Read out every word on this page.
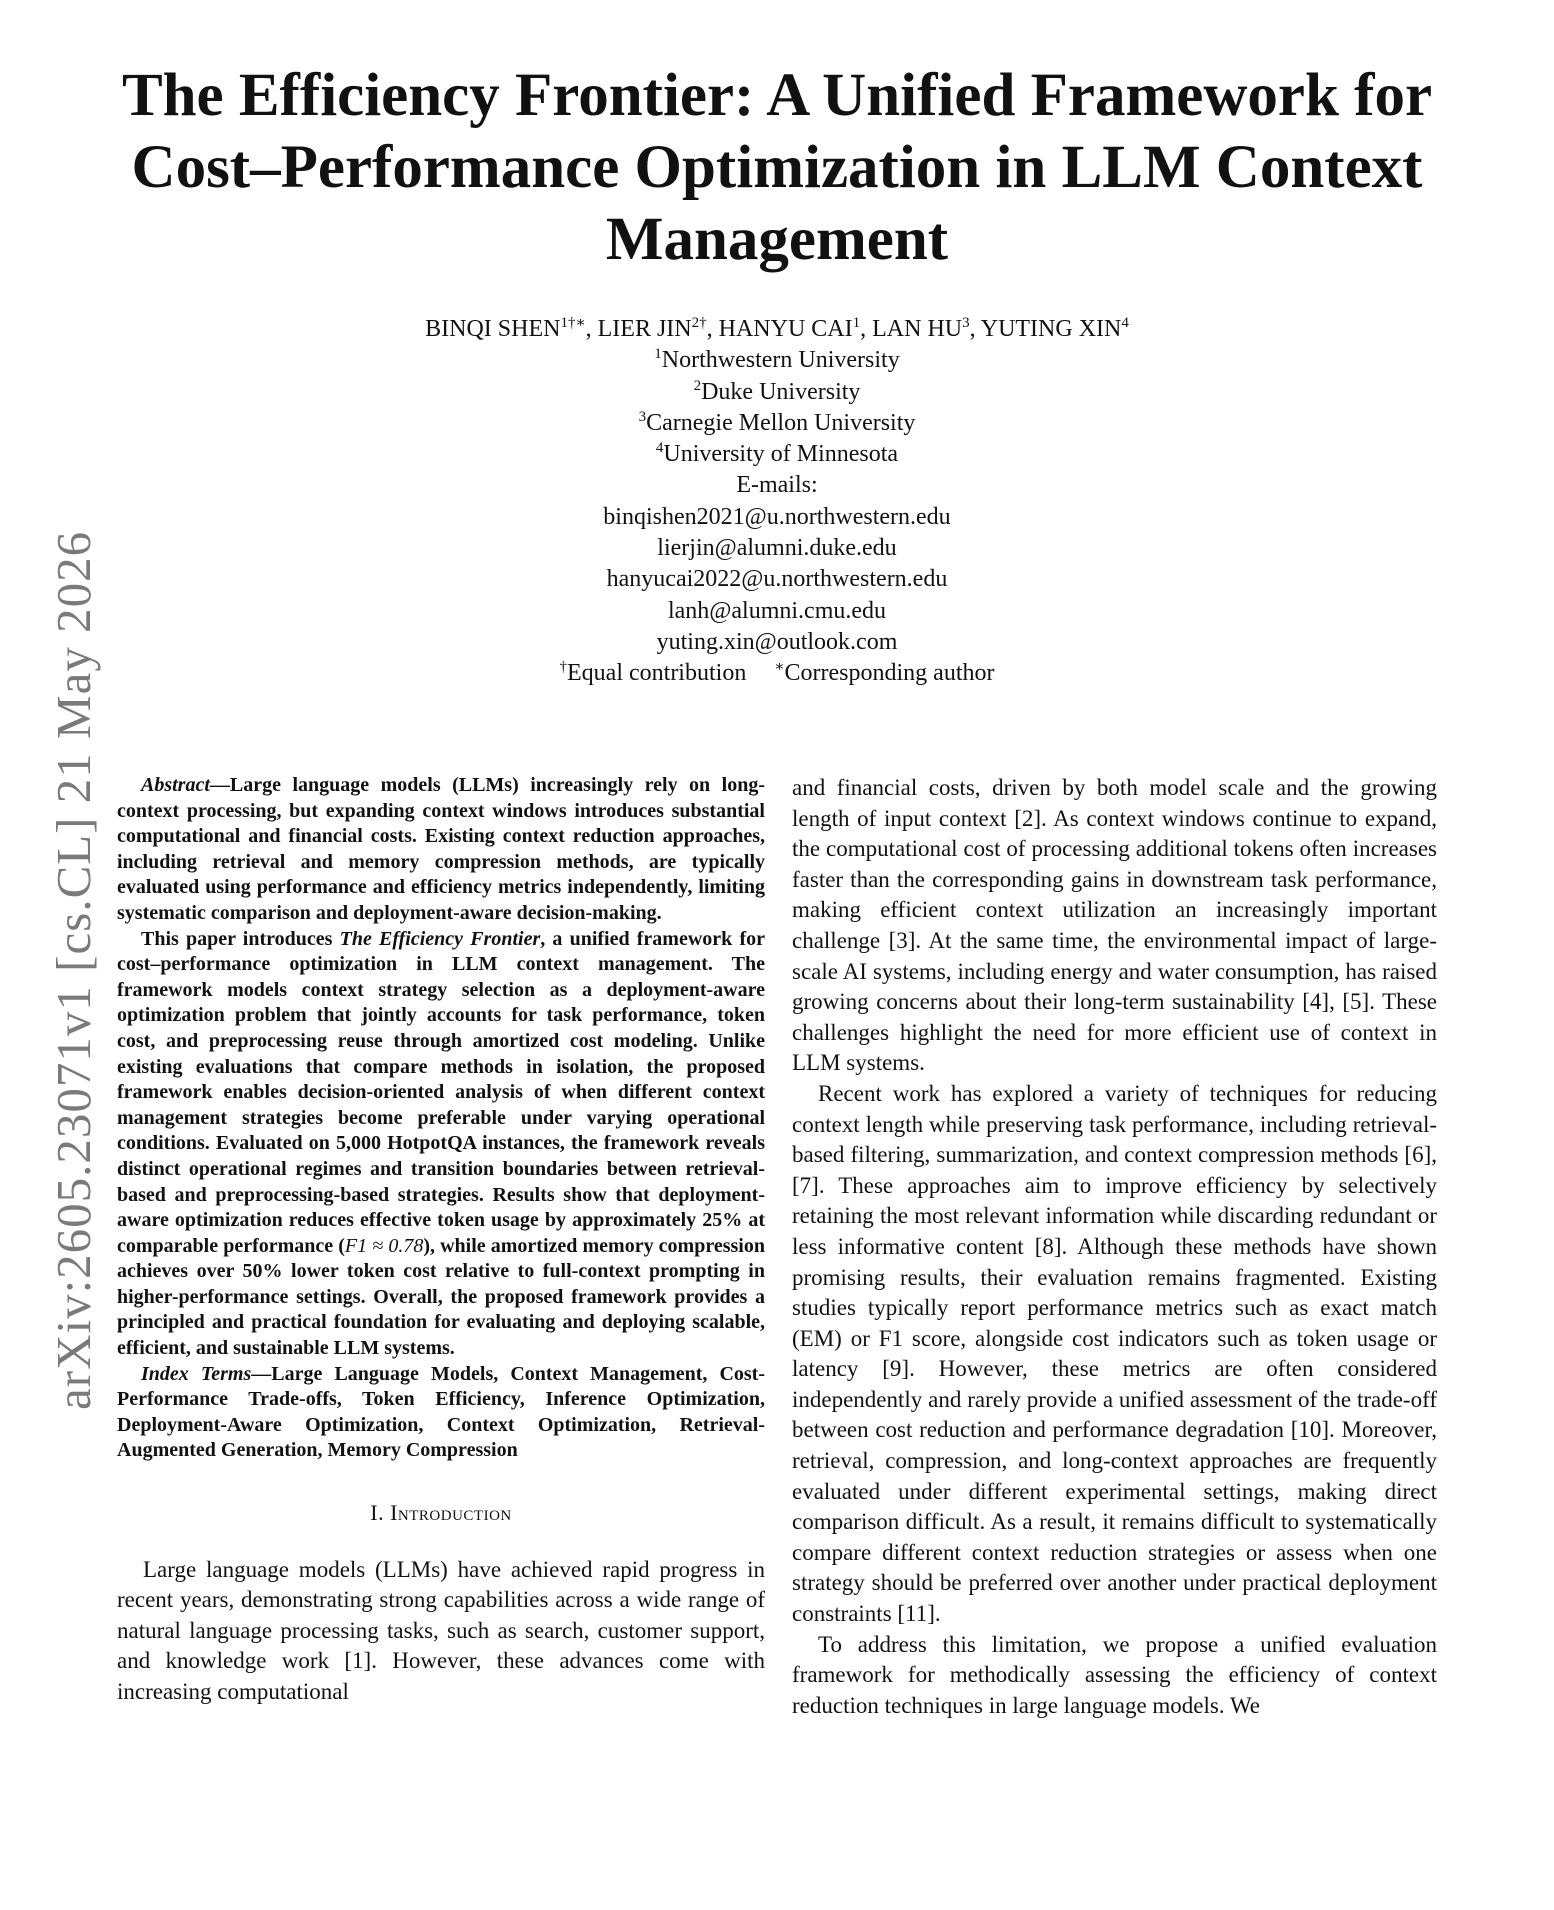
arXiv:2605.23071v1 [cs.CL] 21 May 2026
The Efficiency Frontier: A Unified Framework for Cost–Performance Optimization in LLM Context Management
BINQI $SHEN^{1\dagger∗}$, LIER $JIN^{2\dagger}$, HANYU CAI$^1$, LAN $HU^3$, YUTING XIN$^4$
$^1$Northwestern University
$^2$Duke University
$^3$Carnegie Mellon University
$^4$University of Minnesota
E-mails:
binqishen2021@u.northwestern.edu
lierjin@alumni.duke.edu
hanyucai2022@u.northwestern.edu
lanh@alumni.cmu.edu
yuting.xin@outlook.com
†Equal contribution ∗Corresponding author

Abstract—Large language models (LLMs) increasingly rely on long-context processing, but expanding context windows introduces substantial computational and financial costs. Existing context reduction approaches, including retrieval and memory compression methods, are typically evaluated using performance and efficiency metrics independently, limiting systematic comparison and deployment-aware decision-making.

This paper introduces The Efficiency Frontier, a unified framework for cost–performance optimization in LLM context management. The framework models context strategy selection as a deployment-aware optimization problem that jointly accounts for task performance, token cost, and preprocessing reuse through amortized cost modeling. Unlike existing evaluations that compare methods in isolation, the proposed framework enables decision-oriented analysis of when different context management strategies become preferable under varying operational conditions. Evaluated on 5,000 HotpotQA instances, the framework reveals distinct operational regimes and transition boundaries between retrieval-based and preprocessing-based strategies. Results show that deployment-aware optimization reduces effective token usage by approximately 25% at comparable performance (F1 ≈ 0.78), while amortized memory compression achieves over 50% lower token cost relative to full-context prompting in higher-performance settings. Overall, the proposed framework provides a principled and practical foundation for evaluating and deploying scalable, efficient, and sustainable LLM systems.

Index Terms—Large Language Models, Context Management, Cost-Performance Trade-offs, Token Efficiency, Inference Optimization, Deployment-Aware Optimization, Context Optimization, Retrieval-Augmented Generation, Memory Compression

I. Introduction

Large language models (LLMs) have achieved rapid progress in recent years, demonstrating strong capabilities across a wide range of natural language processing tasks, such as search, customer support, and knowledge work [1]. However, these advances come with increasing computational

and financial costs, driven by both model scale and the growing length of input context [2]. As context windows continue to expand, the computational cost of processing additional tokens often increases faster than the corresponding gains in downstream task performance, making efficient context utilization an increasingly important challenge [3]. At the same time, the environmental impact of large-scale AI systems, including energy and water consumption, has raised growing concerns about their long-term sustainability [4], [5]. These challenges highlight the need for more efficient use of context in LLM systems.

Recent work has explored a variety of techniques for reducing context length while preserving task performance, including retrieval-based filtering, summarization, and context compression methods [6], [7]. These approaches aim to improve efficiency by selectively retaining the most relevant information while discarding redundant or less informative content [8]. Although these methods have shown promising results, their evaluation remains fragmented. Existing studies typically report performance metrics such as exact match (EM) or F1 score, alongside cost indicators such as token usage or latency [9]. However, these metrics are often considered independently and rarely provide a unified assessment of the trade-off between cost reduction and performance degradation [10]. Moreover, retrieval, compression, and long-context approaches are frequently evaluated under different experimental settings, making direct comparison difficult. As a result, it remains difficult to systematically compare different context reduction strategies or assess when one strategy should be preferred over another under practical deployment constraints [11].

To address this limitation, we propose a unified evaluation framework for methodically assessing the efficiency of context reduction techniques in large language models. We
